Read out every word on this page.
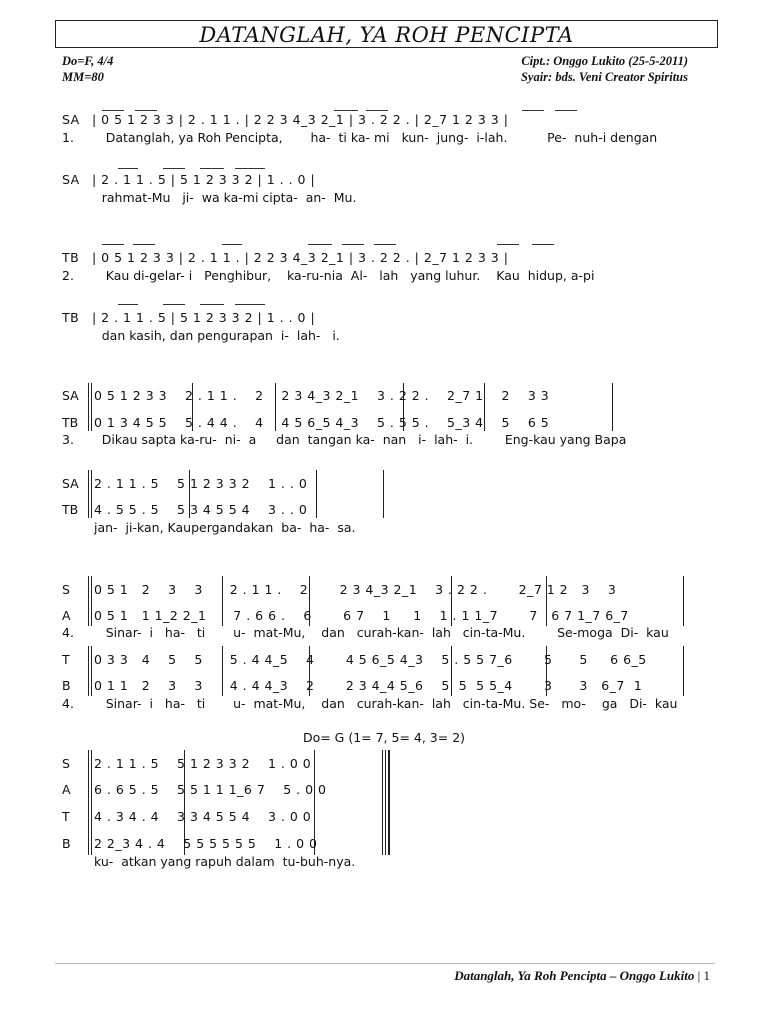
DATANGLAH, YA ROH PENCIPTA
Do=F, 4/4
MM=80
Cipt.: Onggo Lukito (25-5-2011)
Syair: bds. Veni Creator Spiritus
SA | 0 5 1 2 3 3 | 2 . 1 1 . | 2 2 3 4_3 2_1 | 3 . 2 2 . | 2_7 1 2 3 3 |
1.        Datanglah, ya Roh Pencipta,       ha-  ti ka- mi   kun-  jung-  i-lah.          Pe-  nuh-i dengan
SA | 2 . 1 1 . 5 | 5 1 2 3 3 2 | 1 . . 0 |
rahmat-Mu   ji-  wa ka-mi cipta-  an-  Mu.
TB | 0 5 1 2 3 3 | 2 . 1 1 . | 2 2 3 4_3 2_1 | 3 . 2 2 . | 2_7 1 2 3 3 |
2.        Kau di-gelar- i   Penghibur,    ka-ru-nia  Al-   lah   yang luhur.    Kau  hidup, a-pi
TB | 2 . 1 1 . 5 | 5 1 2 3 3 2 | 1 . . 0 |
dan kasih, dan pengurapan  i-  lah-   i.
SA
TB
0 5 1 2 3 3    2 . 1 1 .    2    2 3 4_3 2_1    3 . 2 2 .    2_7 1    2    3 3
0 1 3 4 5 5    5 . 4 4 .    4    4 5 6_5 4_3    5 . 5 5 .    5_3 4    5    6 5
3.       Dikau sapta ka-ru-  ni-  a     dan  tangan ka-  nan   i-  lah-  i.        Eng-kau yang Bapa
SA
TB
2 . 1 1 . 5    5 1 2 3 3 2    1 . . 0
4 . 5 5 . 5    5 3 4 5 5 4    3 . . 0
jan-  ji-kan, Kaupergandakan  ba-  ha-  sa.
S
A
T
B
0 5 1   2    3    3      2 . 1 1 .    2       2 3 4_3 2_1    3 . 2 2 .       2_7 1 2   3    3
0 5 1   1 1_2 2_1      7 . 6 6 .    6       6 7    1     1    1 . 1 1_7       7   6 7 1_7 6_7
4.        Sinar-  i   ha-   ti       u-  mat-Mu,    dan   curah-kan-  lah   cin-ta-Mu.        Se-moga  Di-  kau
0 3 3   4    5    5      5 . 4 4_5    4       4 5 6_5 4_3    5 . 5 5 7_6       5      5     6 6_5
0 1 1   2    3    3      4 . 4 4_3    2       2 3 4_4 5_6    5  5  5 5_4       3      3   6_7  1
4.        Sinar-  i   ha-   ti       u-  mat-Mu,    dan   curah-kan-  lah   cin-ta-Mu. Se-   mo-    ga   Di-  kau
Do= G (1= 7, 5= 4, 3= 2)
S
A
T
B
2 . 1 1 . 5    5 1 2 3 3 2    1 . 0 0
6 . 6 5 . 5    5 5 1 1 1_6 7    5 . 0 0
4 . 3 4 . 4    3 3 4 5 5 4    3 . 0 0
2 2_3 4 . 4    5 5 5 5 5 5    1 . 0 0
ku-  atkan yang rapuh dalam  tu-buh-nya.
Datanglah, Ya Roh Pencipta – Onggo Lukito | 1
